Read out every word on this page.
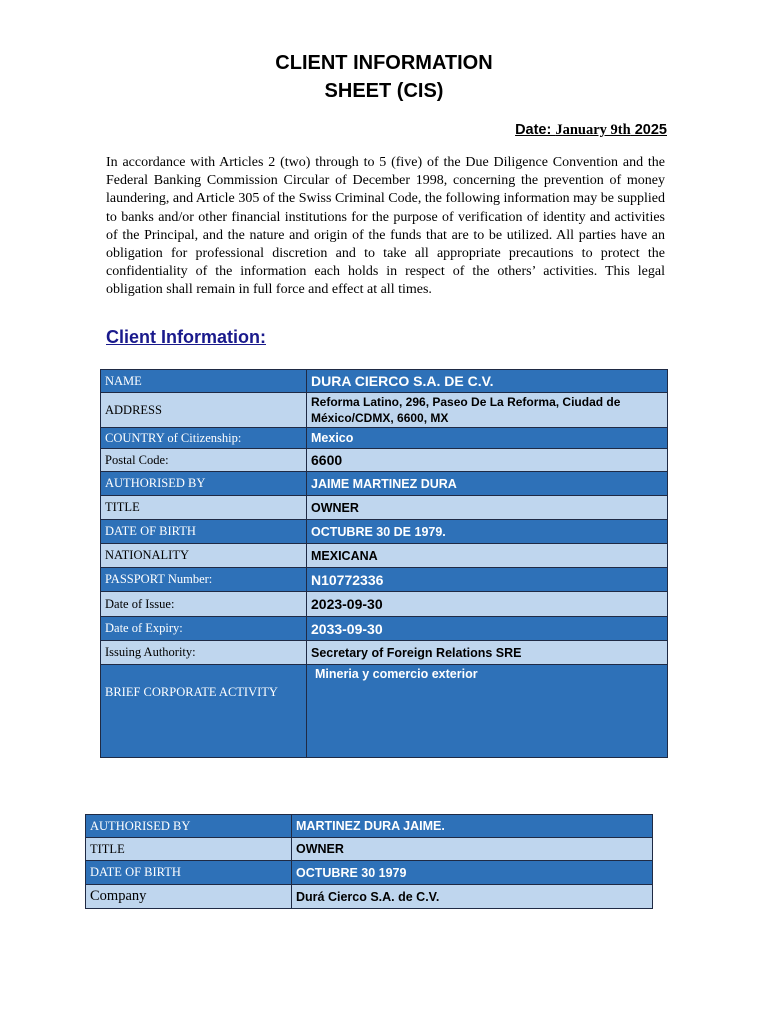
CLIENT INFORMATION
SHEET (CIS)
Date: January 9th 2025
In accordance with Articles 2 (two) through to 5 (five) of the Due Diligence Convention and the Federal Banking Commission Circular of December 1998, concerning the prevention of money laundering, and Article 305 of the Swiss Criminal Code, the following information may be supplied to banks and/or other financial institutions for the purpose of verification of identity and activities of the Principal, and the nature and origin of the funds that are to be utilized. All parties have an obligation for professional discretion and to take all appropriate precautions to protect the confidentiality of the information each holds in respect of the others’ activities. This legal obligation shall remain in full force and effect at all times.
Client Information:
NAME	DURA CIERCO S.A. DE C.V.
ADDRESS	Reforma Latino, 296, Paseo De La Reforma, Ciudad de México/CDMX, 6600, MX
COUNTRY of Citizenship:	Mexico
Postal Code:	6600
AUTHORISED BY	JAIME MARTINEZ DURA
TITLE	OWNER
DATE OF BIRTH	OCTUBRE 30 DE 1979.
NATIONALITY	MEXICANA
PASSPORT Number:	N10772336
Date of Issue:	2023-09-30
Date of Expiry:	2033-09-30
Issuing Authority:	Secretary of Foreign Relations SRE
BRIEF CORPORATE ACTIVITY	Mineria y comercio exterior
AUTHORISED BY	MARTINEZ DURA JAIME.
TITLE	OWNER
DATE OF BIRTH	OCTUBRE 30 1979
Company	Durá Cierco S.A. de C.V.
